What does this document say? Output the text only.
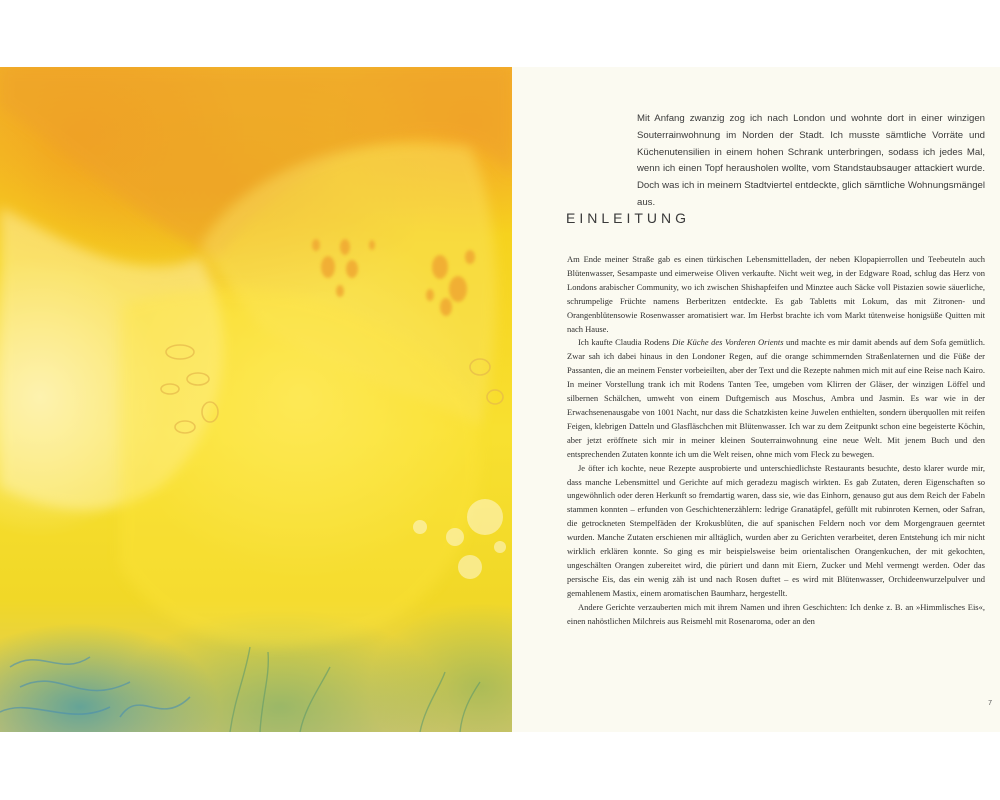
Mit Anfang zwanzig zog ich nach London und wohnte dort in einer winzigen Souterrainwohnung im Norden der Stadt. Ich musste sämtliche Vorräte und Küchenutensilien in einem hohen Schrank unterbringen, sodass ich jedes Mal, wenn ich einen Topf herausholen wollte, vom Standstaubsauger attackiert wurde. Doch was ich in meinem Stadtviertel entdeckte, glich sämtliche Wohnungsmängel aus.

EINLEITUNG

Am Ende meiner Straße gab es einen türkischen Lebensmittelladen, der neben Klopapierrollen und Teebeuteln auch Blütenwasser, Sesampaste und eimerweise Oliven verkaufte. Nicht weit weg, in der Edgware Road, schlug das Herz von Londons arabischer Community, wo ich zwischen Shishapfeifen und Minztee auch Säcke voll Pistazien sowie säuerliche, schrumpelige Früchte namens Berberitzen entdeckte. Es gab Tabletts mit Lokum, das mit Zitronen- und Orangenblütensowie Rosenwasser aromatisiert war. Im Herbst brachte ich vom Markt tütenweise honigsüße Quitten mit nach Hause.

Ich kaufte Claudia Rodens Die Küche des Vorderen Orients und machte es mir damit abends auf dem Sofa gemütlich. Zwar sah ich dabei hinaus in den Londoner Regen, auf die orange schimmernden Straßenlaternen und die Füße der Passanten, die an meinem Fenster vorbeieilten, aber der Text und die Rezepte nahmen mich mit auf eine Reise nach Kairo. In meiner Vorstellung trank ich mit Rodens Tanten Tee, umgeben vom Klirren der Gläser, der winzigen Löffel und silbernen Schälchen, umweht von einem Duftgemisch aus Moschus, Ambra und Jasmin. Es war wie in der Erwachsenenausgabe von 1001 Nacht, nur dass die Schatzkisten keine Juwelen enthielten, sondern überquollen mit reifen Feigen, klebrigen Datteln und Glasfläschchen mit Blütenwasser. Ich war zu dem Zeitpunkt schon eine begeisterte Köchin, aber jetzt eröffnete sich mir in meiner kleinen Souterrainwohnung eine neue Welt. Mit jenem Buch und den entsprechenden Zutaten konnte ich um die Welt reisen, ohne mich vom Fleck zu bewegen.

Je öfter ich kochte, neue Rezepte ausprobierte und unterschiedlichste Restaurants besuchte, desto klarer wurde mir, dass manche Lebensmittel und Gerichte auf mich geradezu magisch wirkten. Es gab Zutaten, deren Eigenschaften so ungewöhnlich oder deren Herkunft so fremdartig waren, dass sie, wie das Einhorn, genauso gut aus dem Reich der Fabeln stammen konnten – erfunden von Geschichtenerzählern: ledrige Granatäpfel, gefüllt mit rubinroten Kernen, oder Safran, die getrockneten Stempelfäden der Krokusblüten, die auf spanischen Feldern noch vor dem Morgengrauen geerntet wurden. Manche Zutaten erschienen mir alltäglich, wurden aber zu Gerichten verarbeitet, deren Entstehung ich mir nicht wirklich erklären konnte. So ging es mir beispielsweise beim orientalischen Orangenkuchen, der mit gekochten, ungeschälten Orangen zubereitet wird, die püriert und dann mit Eiern, Zucker und Mehl vermengt werden. Oder das persische Eis, das ein wenig zäh ist und nach Rosen duftet – es wird mit Blütenwasser, Orchideenwurzelpulver und gemahlenem Mastix, einem aromatischen Baumharz, hergestellt.

Andere Gerichte verzauberten mich mit ihrem Namen und ihren Geschichten: Ich denke z. B. an »Himmlisches Eis«, einen nahöstlichen Milchreis aus Reismehl mit Rosenaroma, oder an den

7
